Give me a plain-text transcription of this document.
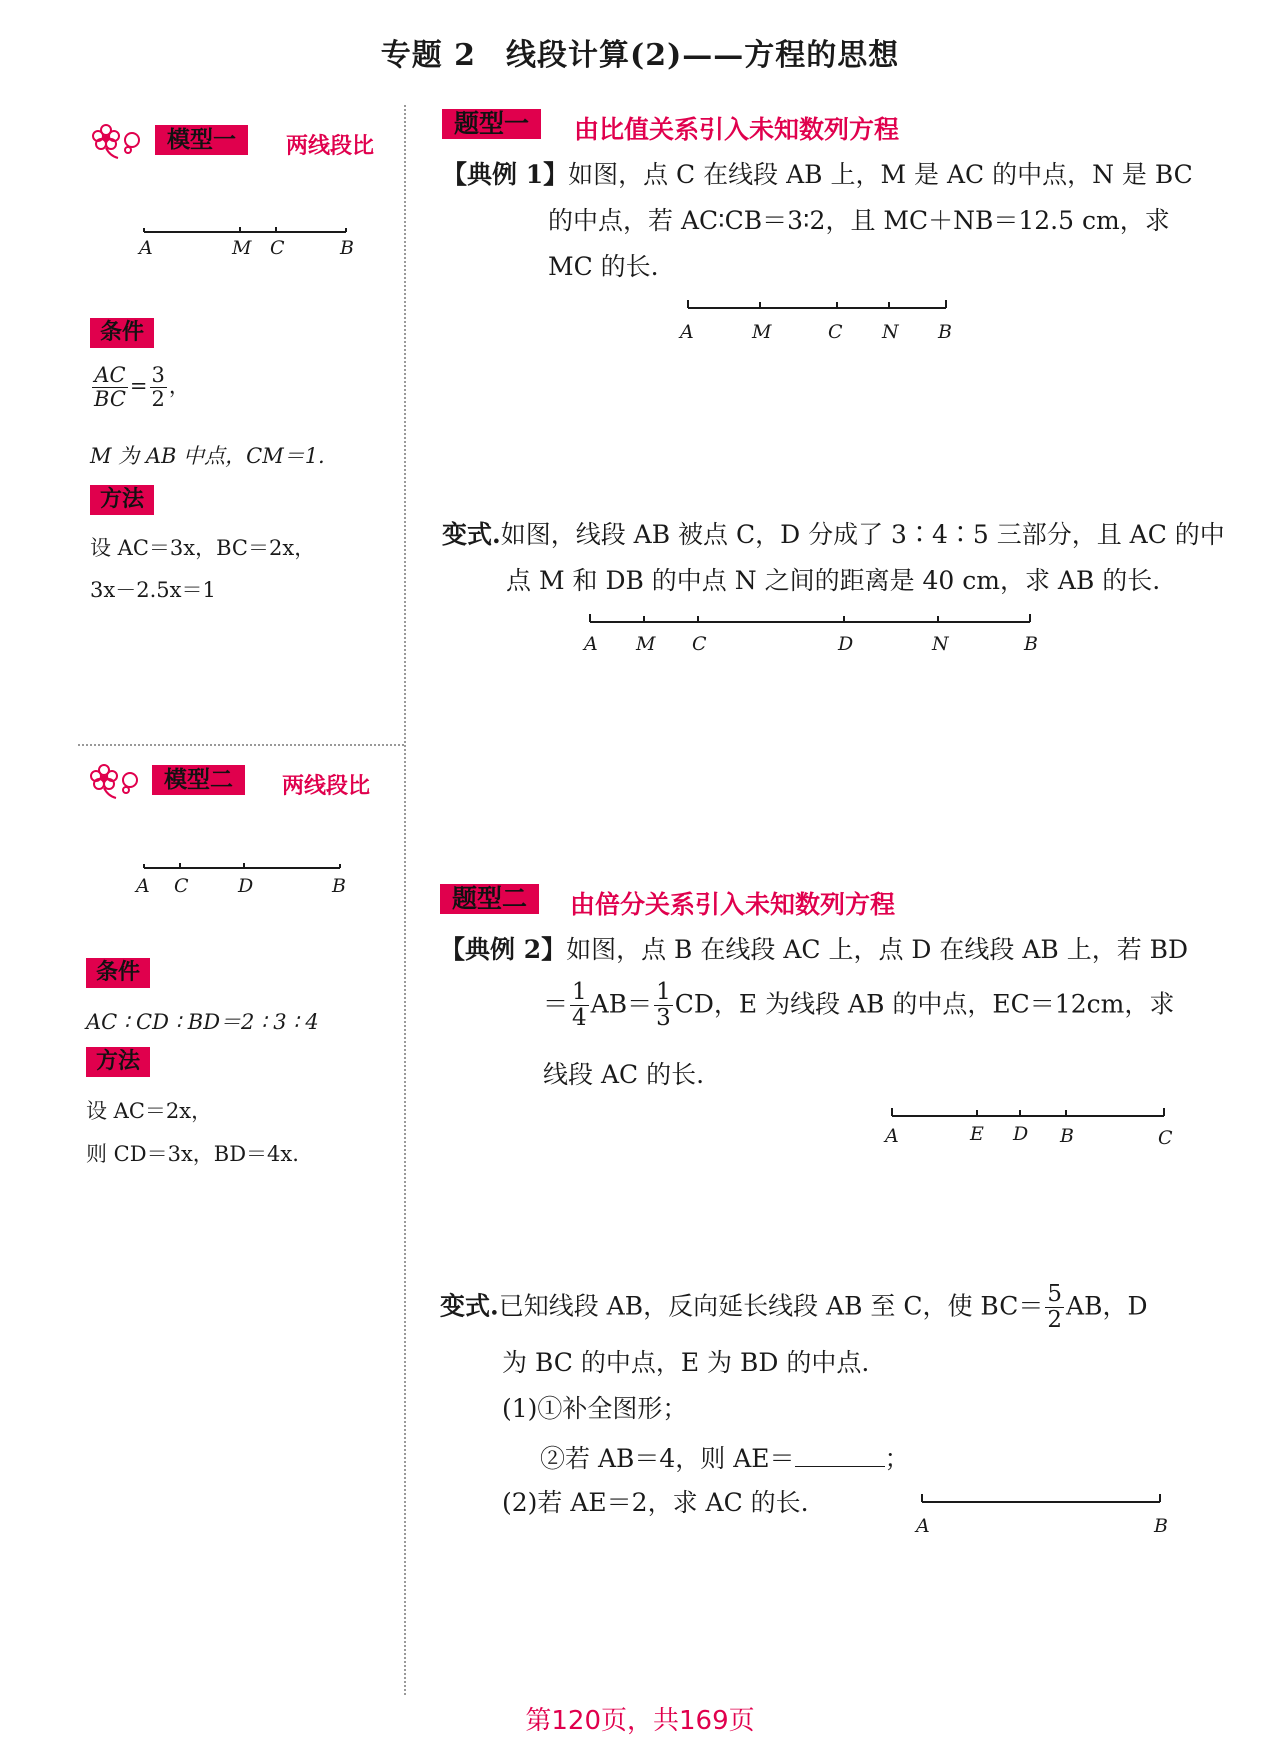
专题 2 线段计算(2)——方程的思想
模型一	两线段比
A	M C	B
条件
$\frac{AC}{BC} = \frac{3}{2}$ ，
M 为 AB 中点，CM＝1.
方法
设 AC＝3x，BC＝2x，
3x－2.5x＝1
模型二	两线段比
A C	D	B
条件
AC ∶ CD ∶ BD＝2 ∶ 3 ∶ 4
方法
设 AC＝2x，
则 CD＝3x，BD＝4x.
题型一	由比值关系引入未知数列方程
【典例 1】如图，点 C 在线段 AB 上，M 是 AC 的中点，N 是 BC
的中点，若 AC∶CB＝3∶2，且 MC＋NB＝12.5 cm，求
MC 的长.
A	M	C N B
变式.如图，线段 AB 被点 C，D 分成了 3∶4∶5 三部分，且 AC 的中
点 M 和 DB 的中点 N 之间的距离是 40 cm，求 AB 的长.
A M C	D	N	B
题型二	由倍分关系引入未知数列方程
【典例 2】如图，点 B 在线段 AC 上，点 D 在线段 AB 上，若 BD
＝ $\frac{1}{4} AB= \frac{1}{3}$ CD，E 为线段 AB 的中点，EC＝12cm，求
线段 AC 的长.
A	E D B	C
变式.已知线段 AB，反向延长线段 AB 至 C，使 $BC= \frac{5}{2}$ AB，D
为 BC 的中点，E 为 BD 的中点.
(1)①补全图形；
②若 AB＝4，则 AE＝	；
(2)若 AE＝2，求 AC 的长.
A	B
第120页，共169页
